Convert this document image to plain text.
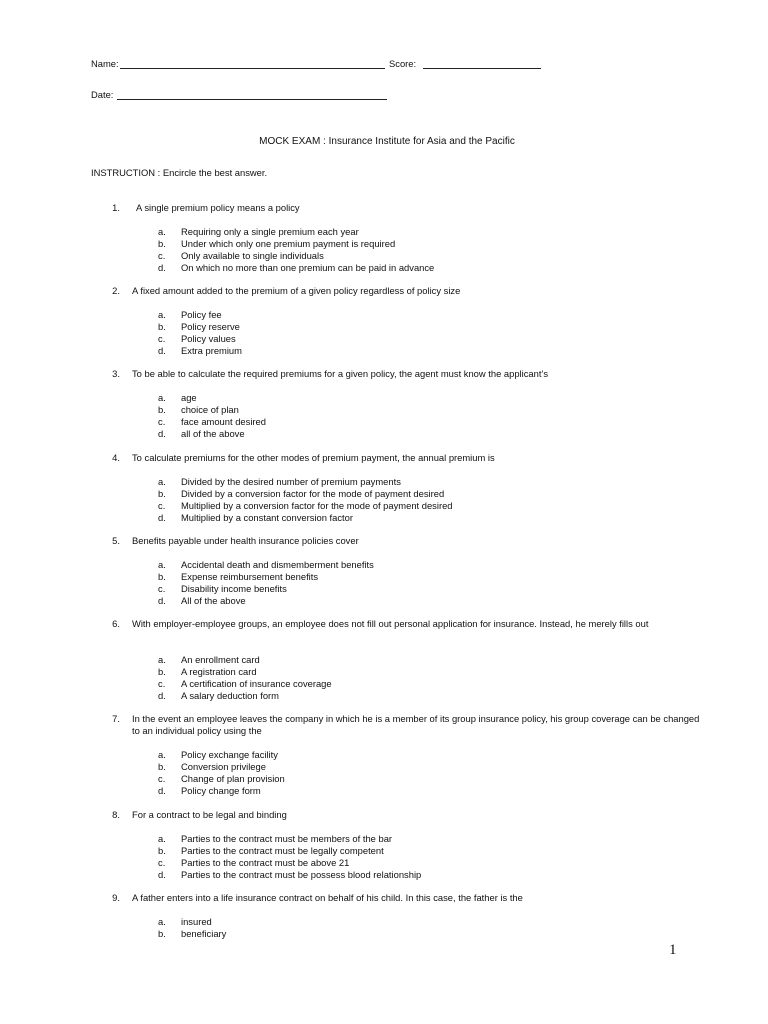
Name:	Score:
Date:
MOCK EXAM : Insurance Institute for Asia and the Pacific
INSTRUCTION : Encircle the best answer.
1. A single premium policy means a policy
a. Requiring only a single premium each year
b. Under which only one premium payment is required
c. Only available to single individuals
d. On which no more than one premium can be paid in advance
2. A fixed amount added to the premium of a given policy regardless of policy size
a. Policy fee
b. Policy reserve
c. Policy values
d. Extra premium
3. To be able to calculate the required premiums for a given policy, the agent must know the applicant’s
a. age
b. choice of plan
c. face amount desired
d. all of the above
4. To calculate premiums for the other modes of premium payment, the annual premium is
a. Divided by the desired number of premium payments
b. Divided by a conversion factor for the mode of payment desired
c. Multiplied by a conversion factor for the mode of payment desired
d. Multiplied by a constant conversion factor
5. Benefits payable under health insurance policies cover
a. Accidental death and dismemberment benefits
b. Expense reimbursement benefits
c. Disability income benefits
d. All of the above
6. With employer-employee groups, an employee does not fill out personal application for insurance. Instead, he merely fills out
a. An enrollment card
b. A registration card
c. A certification of insurance coverage
d. A salary deduction form
7. In the event an employee leaves the company in which he is a member of its group insurance policy, his group coverage can be changed to an individual policy using the
a. Policy exchange facility
b. Conversion privilege
c. Change of plan provision
d. Policy change form
8. For a contract to be legal and binding
a. Parties to the contract must be members of the bar
b. Parties to the contract must be legally competent
c. Parties to the contract must be above 21
d. Parties to the contract must be possess blood relationship
9. A father enters into a life insurance contract on behalf of his child. In this case, the father is the
a. insured
b. beneficiary
1
